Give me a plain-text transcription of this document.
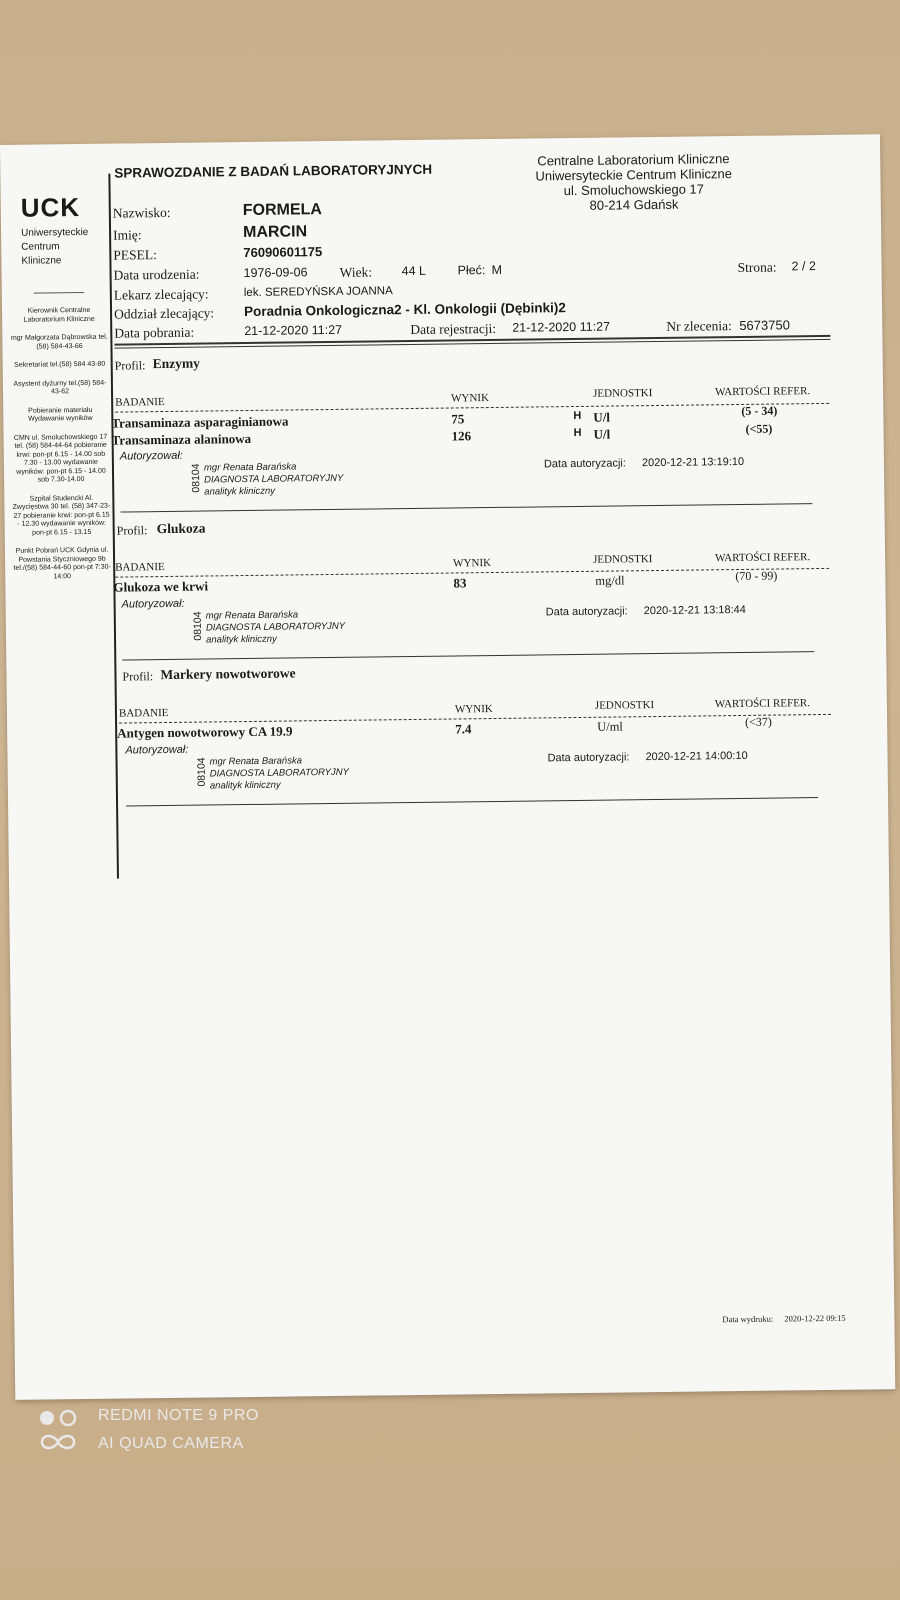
UCK
Uniwersyteckie Centrum Kliniczne
Kierownik Centralne Laboratorium Kliniczne
mgr Małgorzata Dąbrowska tel.(58) 584-43-66
Sekretariat tel.(58) 584 43-80
Asystent dyżurny tel.(58) 584-43-62
Pobieranie materiału Wydawanie wyników
CMN ul. Smoluchowskiego 17 tel. (58) 584-44-64 pobieranie krwi: pon-pt 6.15 - 14.00 sob 7.30 - 13.00 wydawanie wyników: pon-pt 6.15 - 14.00 sob 7.30-14.00
Szpital Studencki Al. Zwycięstwa 30 tel. (58) 347-23-27 pobieranie krwi: pon-pt 6.15 - 12.30 wydawanie wyników: pon-pt 6.15 - 13.15
Punkt Pobrań UCK Gdynia ul. Powstania Styczniowego 9b tel./(58) 584-44-60 pon-pt 7:30-14:00
SPRAWOZDANIE Z BADAŃ LABORATORYJNYCH
Centralne Laboratorium Kliniczne
Uniwersyteckie Centrum Kliniczne
ul. Smoluchowskiego 17
80-214 Gdańsk
Nazwisko:	FORMELA
Imię:	MARCIN
PESEL:	76090601175
Data urodzenia:	1976-09-06 Wiek: 44 L	Płeć: M	Strona: 2 / 2
Lekarz zlecający:	lek. SEREDYŃSKA JOANNA
Oddział zlecający: Poradnia Onkologiczna2 - Kl. Onkologii (Dębinki)2
Data pobrania:	21-12-2020 11:27	Data rejestracji: 21-12-2020 11:27	Nr zlecenia: 5673750
Profil: Enzymy
BADANIE	WYNIK	JEDNOSTKI	WARTOŚCI REFER.
Transaminaza asparaginianowa	75	H U/l	(5 - 34)
Transaminaza alaninowa	126	H U/l	(<55)
Autoryzował:
08104 mgr Renata Barańska
DIAGNOSTA LABORATORYJNY
analityk kliniczny
Data autoryzacji: 2020-12-21 13:19:10
Profil: Glukoza
BADANIE	WYNIK	JEDNOSTKI	WARTOŚCI REFER.
Glukoza we krwi	83	mg/dl	(70 - 99)
Autoryzował:
08104 mgr Renata Barańska
DIAGNOSTA LABORATORYJNY
analityk kliniczny
Data autoryzacji: 2020-12-21 13:18:44
Profil: Markery nowotworowe
BADANIE	WYNIK	JEDNOSTKI	WARTOŚCI REFER.
Antygen nowotworowy CA 19.9	7.4	U/ml	(<37)
Autoryzował:
08104 mgr Renata Barańska
DIAGNOSTA LABORATORYJNY
analityk kliniczny
Data autoryzacji: 2020-12-21 14:00:10
Data wydruku: 2020-12-22 09:15
REDMI NOTE 9 PRO
AI QUAD CAMERA
